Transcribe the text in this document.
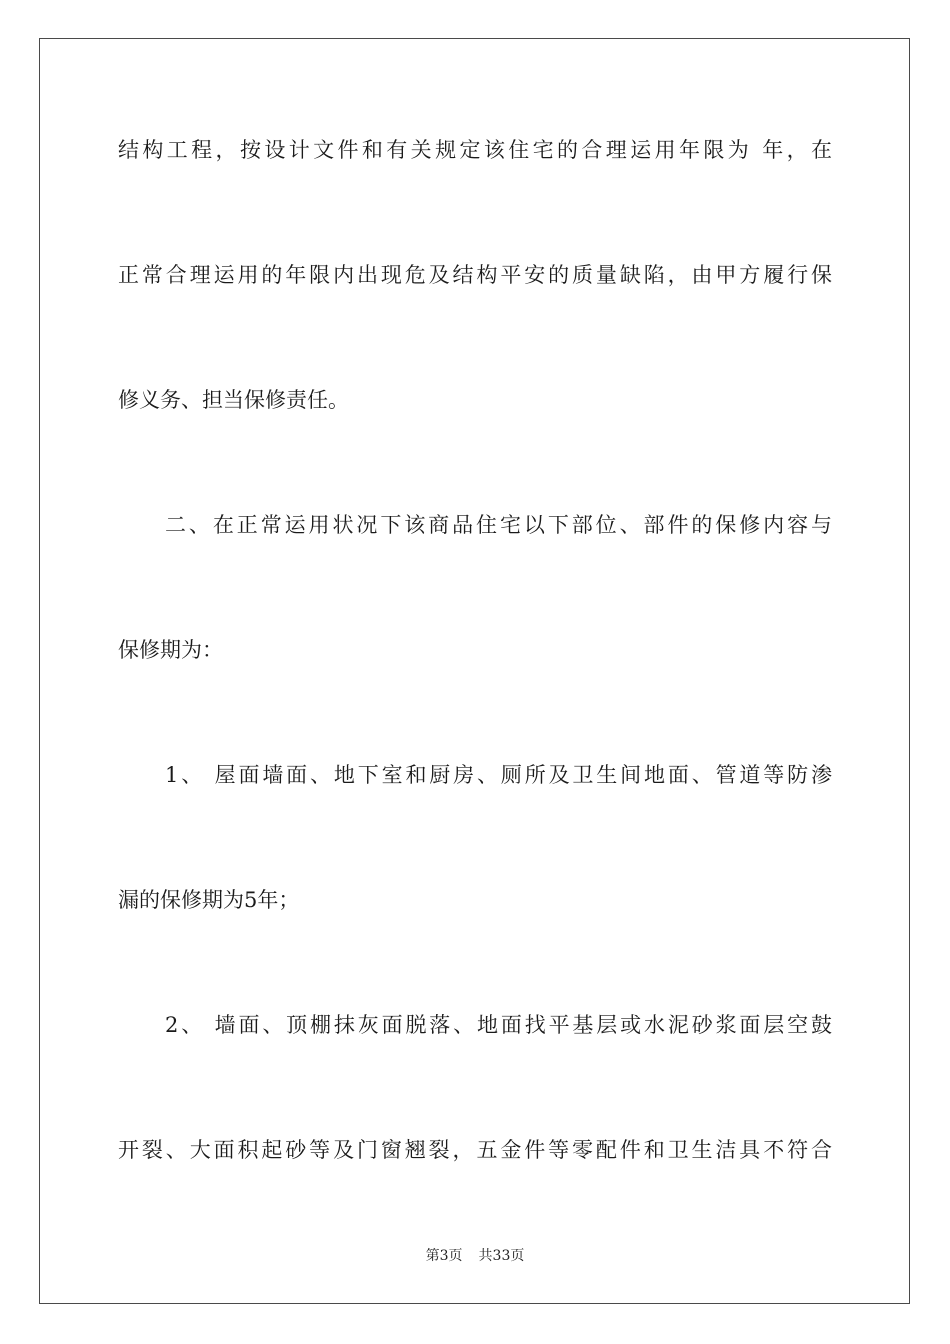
结构工程，按设计文件和有关规定该住宅的合理运用年限为 年，在
正常合理运用的年限内出现危及结构平安的质量缺陷，由甲方履行保
修义务、担当保修责任。
二、在正常运用状况下该商品住宅以下部位、部件的保修内容与
保修期为：
1、 屋面墙面、地下室和厨房、厕所及卫生间地面、管道等防渗
漏的保修期为5年；
2、 墙面、顶棚抹灰面脱落、地面找平基层或水泥砂浆面层空鼓
开裂、大面积起砂等及门窗翘裂，五金件等零配件和卫生洁具不符合
第3页 共33页
